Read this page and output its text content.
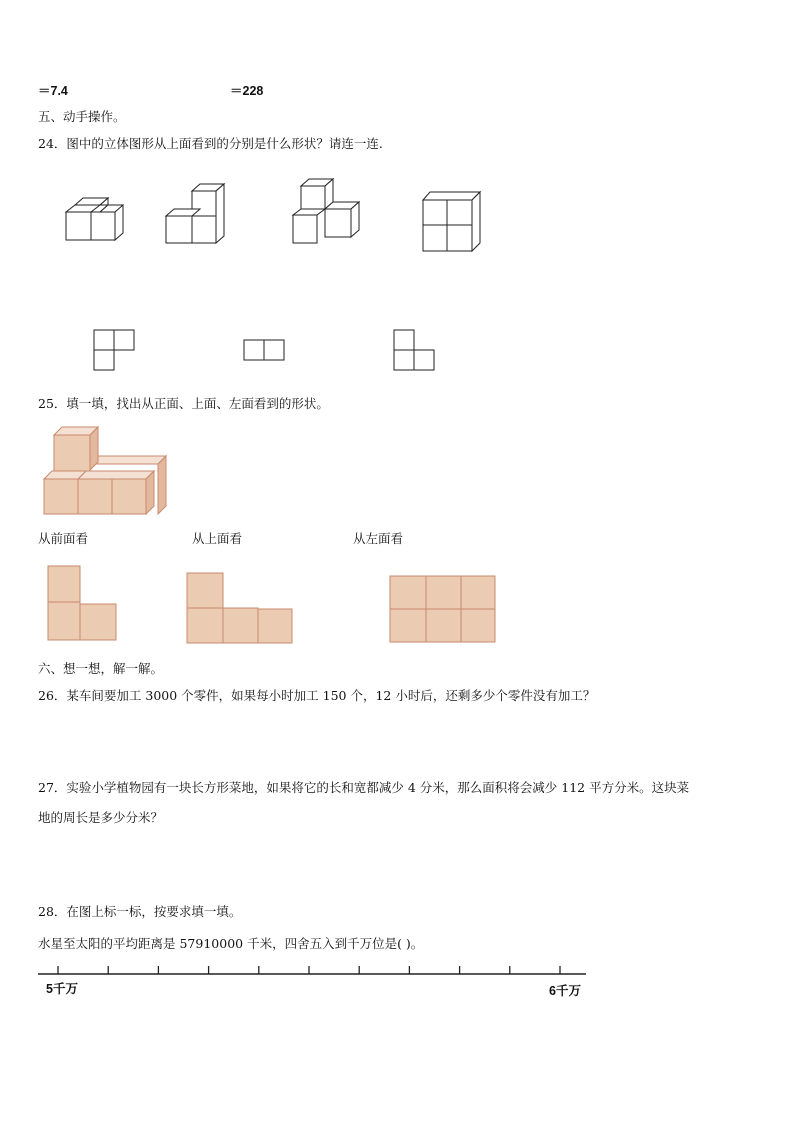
＝7.4	＝228
五、动手操作。
24．图中的立体图形从上面看到的分别是什么形状？请连一连.
25．填一填，找出从正面、上面、左面看到的形状。
从前面看	从上面看	从左面看
六、想一想，解一解。
26．某车间要加工 3000 个零件，如果每小时加工 150 个，12 小时后，还剩多少个零件没有加工？
27．实验小学植物园有一块长方形菜地，如果将它的长和宽都减少 4 分米，那么面积将会减少 112 平方分米。这块菜
地的周长是多少分米？
28．在图上标一标，按要求填一填。
水星至太阳的平均距离是 57910000 千米，四舍五入到千万位是( )。
5千万	6千万
